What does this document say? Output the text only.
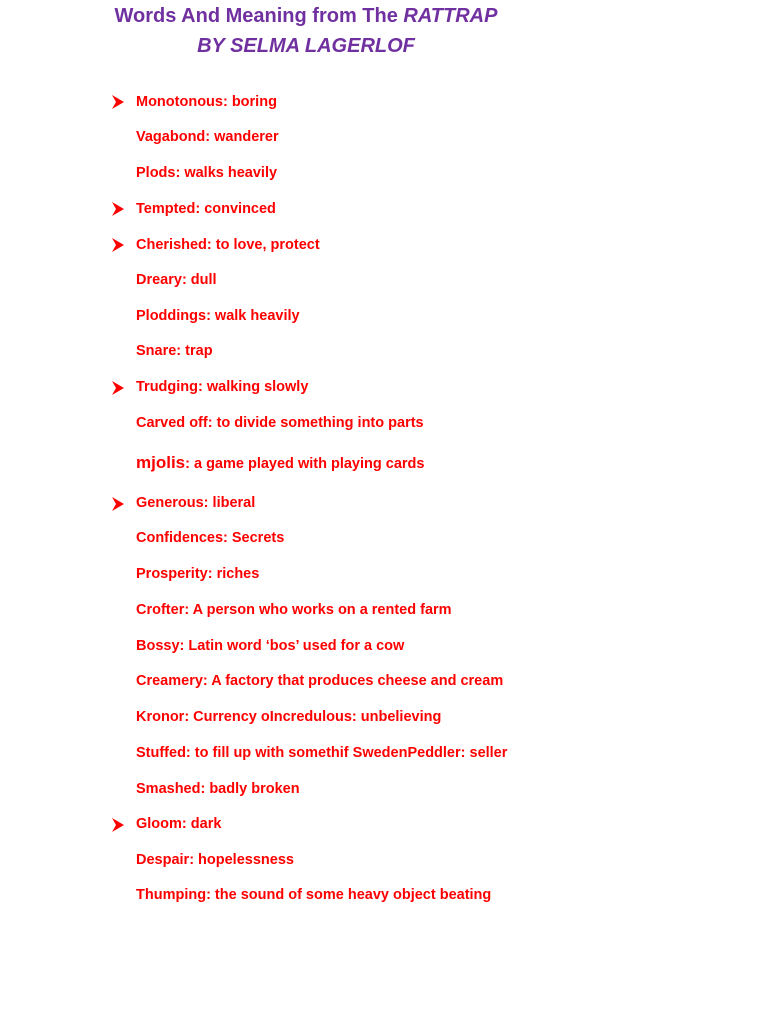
Words And Meaning from The RATTRAP
BY SELMA LAGERLOF
Monotonous: boring
Vagabond: wanderer
Plods: walks heavily
Tempted: convinced
Cherished: to love, protect
Dreary: dull
Ploddings: walk heavily
Snare: trap
Trudging: walking slowly
Carved off: to divide something into parts
mjolis: a game played with playing cards
Generous: liberal
Confidences: Secrets
Prosperity: riches
Crofter: A person who works on a rented farm
Bossy: Latin word ‘bos’ used for a cow
Creamery: A factory that produces cheese and cream
Kronor: Currency oIncredulous: unbelieving
Stuffed: to fill up with somethif SwedenPeddler: seller
Smashed: badly broken
Gloom: dark
Despair: hopelessness
Thumping: the sound of some heavy object beating
